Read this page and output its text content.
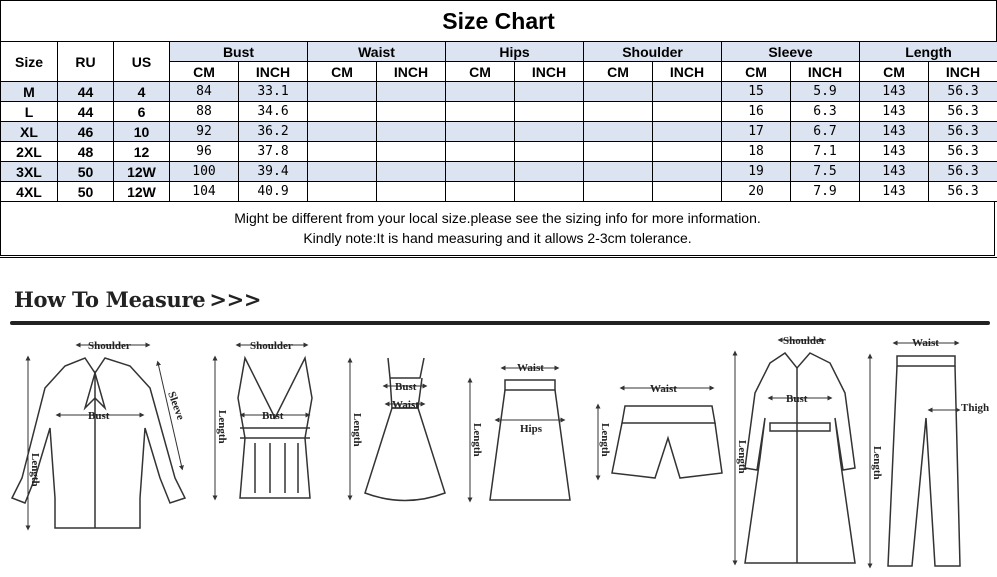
Size Chart
Size	RU	US	Bust		Waist		Hips		Shoulder		Sleeve		Length	
			CM	INCH	CM	INCH	CM	INCH	CM	INCH	CM	INCH	CM	INCH
M	44	4	84	33.1							15	5.9	143	56.3
L	44	6	88	34.6							16	6.3	143	56.3
XL	46	10	92	36.2							17	6.7	143	56.3
2XL	48	12	96	37.8							18	7.1	143	56.3
3XL	50	12W	100	39.4							19	7.5	143	56.3
4XL	50	12W	104	40.9							20	7.9	143	56.3
Might be different from your local size.please see the sizing info for more information.
Kindly note:It is hand measuring and it allows 2-3cm tolerance.
How To Measure >>>
Shoulder
Bust
Length
Sleeve
Shoulder
Bust
Length
Bust
Waist
Length
Waist
Hips
Length
Waist
Length
Shoulder
Bust
Length
Waist
Thigh
Length
